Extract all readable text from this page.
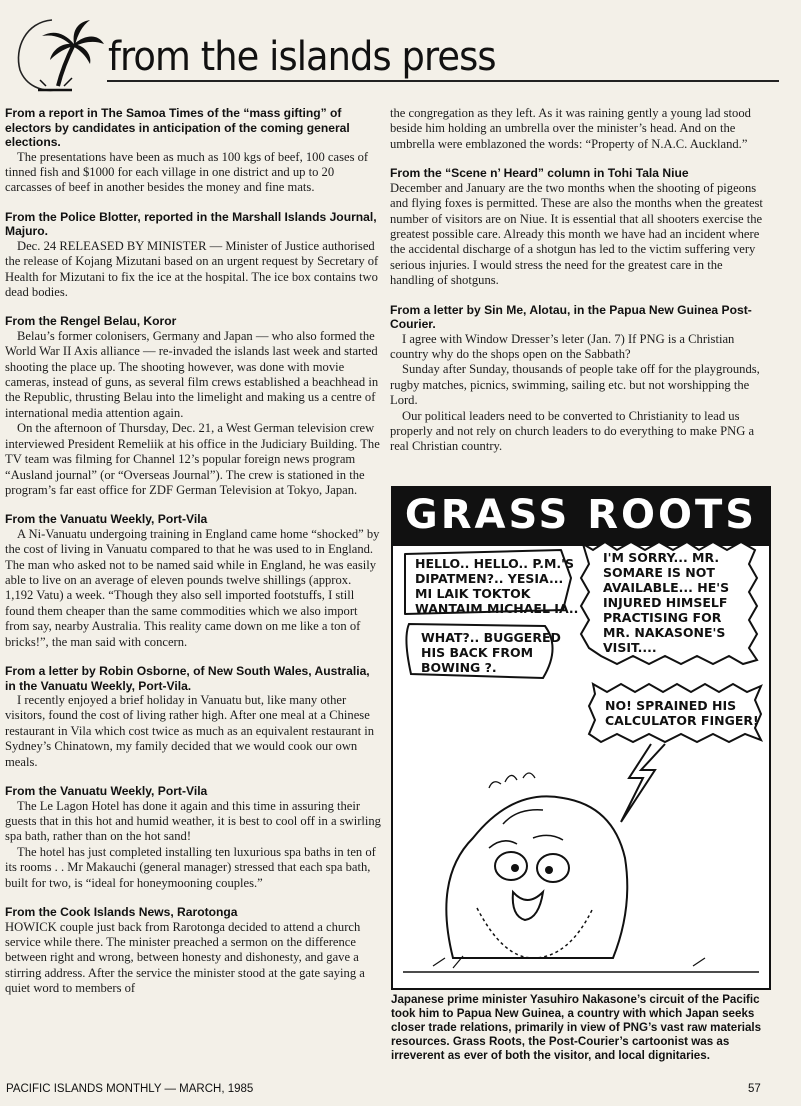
from the islands press

From a report in The Samoa Times of the “mass gifting” of electors by candidates in anticipation of the coming general elections.

The presentations have been as much as 100 kgs of beef, 100 cases of tinned fish and $1000 for each village in one district and up to 20 carcasses of beef in another besides the money and fine mats.

From the Police Blotter, reported in the Marshall Islands Journal, Majuro.

Dec. 24 RELEASED BY MINISTER — Minister of Justice authorised the release of Kojang Mizutani based on an urgent request by Secretary of Health for Mizutani to fix the ice at the hospital. The ice box contains two dead bodies.

From the Rengel Belau, Koror

Belau’s former colonisers, Germany and Japan — who also formed the World War II Axis alliance — re-invaded the islands last week and started shooting the place up. The shooting however, was done with movie cameras, instead of guns, as several film crews established a beachhead in the Republic, thrusting Belau into the limelight and making us a centre of international media attention again.

On the afternoon of Thursday, Dec. 21, a West German television crew interviewed President Remeliik at his office in the Judiciary Building. The TV team was filming for Channel 12’s popular foreign news program “Ausland journal” (or “Overseas Journal”). The crew is stationed in the program’s far east office for ZDF German Television at Tokyo, Japan.

From the Vanuatu Weekly, Port-Vila

A Ni-Vanuatu undergoing training in England came home “shocked” by the cost of living in Vanuatu compared to that he was used to in England. The man who asked not to be named said while in England, he was easily able to live on an average of eleven pounds twelve shillings (approx. 1,192 Vatu) a week. “Though they also sell imported footstuffs, I still found them cheaper than the same commodities which we also import from say, nearby Australia. This reality came down on me like a ton of bricks!”, the man said with concern.

From a letter by Robin Osborne, of New South Wales, Australia, in the Vanuatu Weekly, Port-Vila.

I recently enjoyed a brief holiday in Vanuatu but, like many other visitors, found the cost of living rather high. After one meal at a Chinese restaurant in Vila which cost twice as much as an equivalent restaurant in Sydney’s Chinatown, my family decided that we would cook our own meals.

From the Vanuatu Weekly, Port-Vila

The Le Lagon Hotel has done it again and this time in assuring their guests that in this hot and humid weather, it is best to cool off in a swirling spa bath, rather than on the hot sand!

The hotel has just completed installing ten luxurious spa baths in ten of its rooms . . Mr Makauchi (general manager) stressed that each spa bath, built for two, is “ideal for honeymooning couples.”

From the Cook Islands News, Rarotonga

HOWICK couple just back from Rarotonga decided to attend a church service while there. The minister preached a sermon on the difference between right and wrong, between honesty and dishonesty, and gave a stirring address. After the service the minister stood at the gate saying a quiet word to members of

the congregation as they left. As it was raining gently a young lad stood beside him holding an umbrella over the minister’s head. And on the umbrella were emblazoned the words: “Property of N.A.C. Auckland.”

From the “Scene n’ Heard” column in Tohi Tala Niue

December and January are the two months when the shooting of pigeons and flying foxes is permitted. These are also the months when the greatest number of visitors are on Niue. It is essential that all shooters exercise the greatest possible care. Already this month we have had an incident where the accidental discharge of a shotgun has led to the victim suffering very serious injuries. I would stress the need for the greatest care in the handling of shotguns.

From a letter by Sin Me, Alotau, in the Papua New Guinea Post-Courier.

I agree with Window Dresser’s leter (Jan. 7) If PNG is a Christian country why do the shops open on the Sabbath?

Sunday after Sunday, thousands of people take off for the playgrounds, rugby matches, picnics, swimming, sailing etc. but not worshipping the Lord.

Our political leaders need to be converted to Christianity to lead us properly and not rely on church leaders to do everything to make PNG a real Christian country.

GRASS ROOTS
HELLO.. HELLO.. P.M.'S
DIPATMEN?.. YESIA...
MI LAIK TOKTOK
WANTAIM MICHAEL IA..
I'M SORRY... MR.
SOMARE IS NOT
AVAILABLE... HE'S
INJURED HIMSELF
PRACTISING FOR
MR. NAKASONE'S
VISIT....
WHAT?.. BUGGERED
HIS BACK FROM
BOWING ?.
NO! SPRAINED HIS
CALCULATOR FINGER!
Japanese prime minister Yasuhiro Nakasone’s circuit of the Pacific took him to Papua New Guinea, a country with which Japan seeks closer trade relations, primarily in view of PNG’s vast raw materials resources. Grass Roots, the Post-Courier’s cartoonist was as irreverent as ever of both the visitor, and local dignitaries.
PACIFIC ISLANDS MONTHLY — MARCH, 1985	57
